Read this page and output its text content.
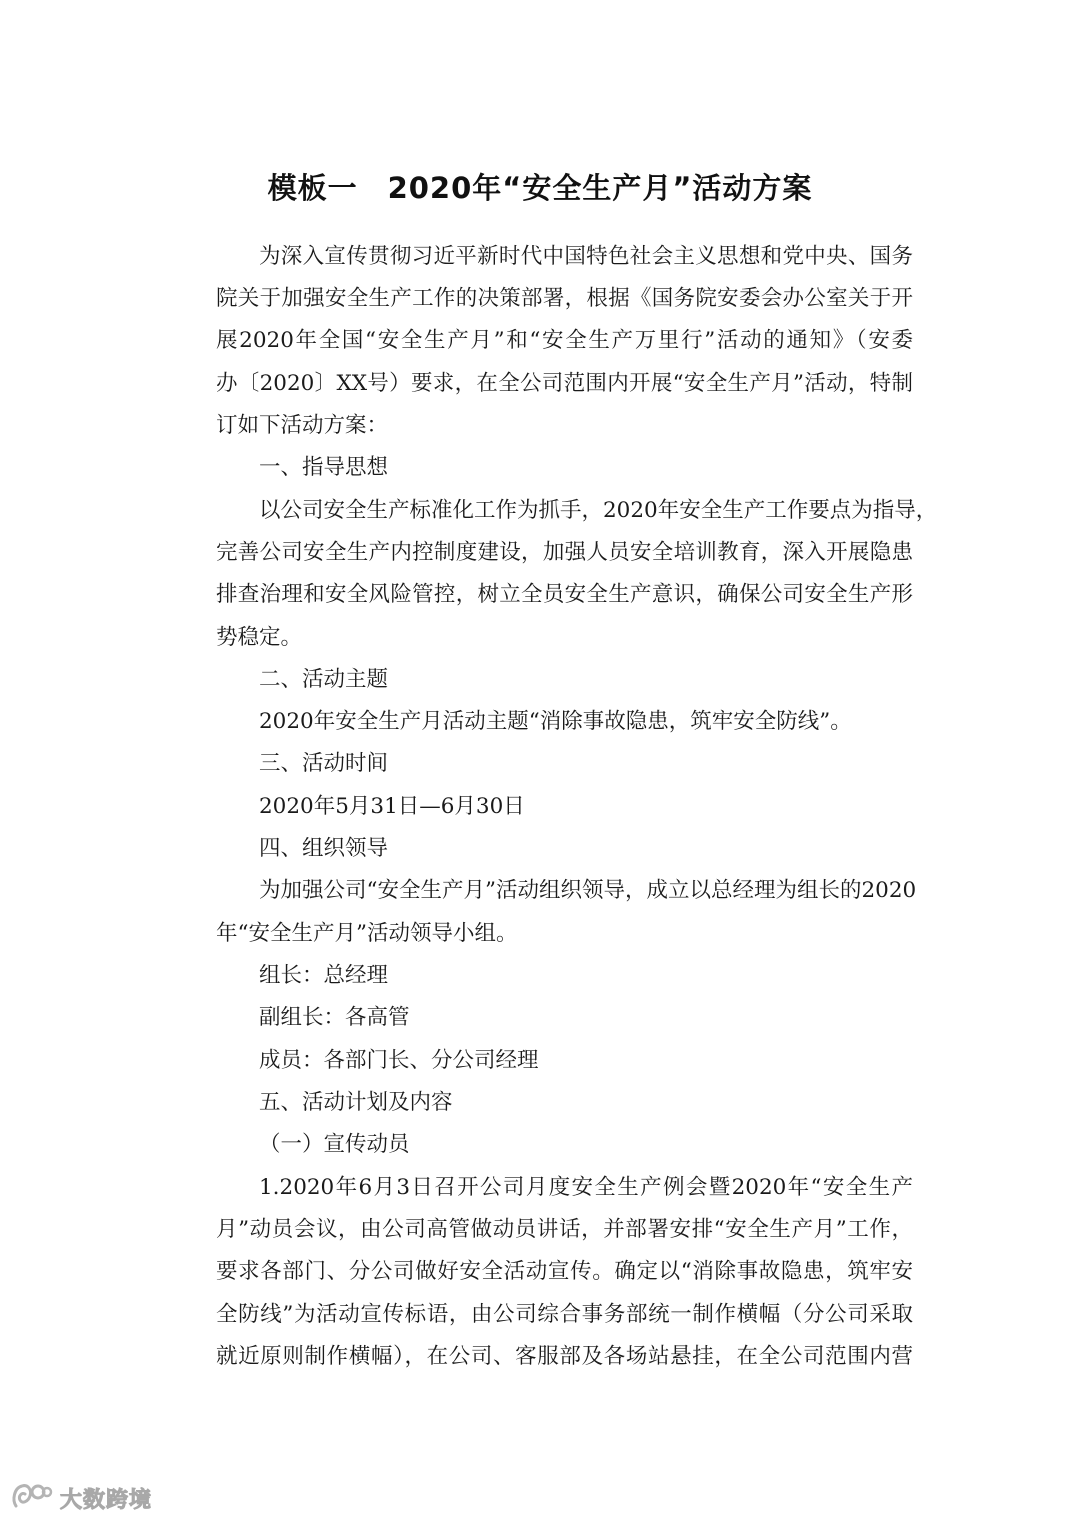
模板一　2020年“安全生产月”活动方案
为深入宣传贯彻习近平新时代中国特色社会主义思想和党中央、国务
院关于加强安全生产工作的决策部署，根据《国务院安委会办公室关于开
展2020年全国“安全生产月”和“安全生产万里行”活动的通知》（安委
办〔2020〕XX号）要求，在全公司范围内开展“安全生产月”活动，特制
订如下活动方案：
一、指导思想
以公司安全生产标准化工作为抓手，2020年安全生产工作要点为指导，
完善公司安全生产内控制度建设，加强人员安全培训教育，深入开展隐患
排查治理和安全风险管控，树立全员安全生产意识，确保公司安全生产形
势稳定。
二、活动主题
2020年安全生产月活动主题“消除事故隐患，筑牢安全防线”。
三、活动时间
2020年5月31日—6月30日
四、组织领导
为加强公司“安全生产月”活动组织领导，成立以总经理为组长的2020
年“安全生产月”活动领导小组。
组长：总经理
副组长：各高管
成员：各部门长、分公司经理
五、活动计划及内容
（一）宣传动员
1.2020年6月3日召开公司月度安全生产例会暨2020年“安全生产
月”动员会议，由公司高管做动员讲话，并部署安排“安全生产月”工作，
要求各部门、分公司做好安全活动宣传。确定以“消除事故隐患，筑牢安
全防线”为活动宣传标语，由公司综合事务部统一制作横幅（分公司采取
就近原则制作横幅），在公司、客服部及各场站悬挂，在全公司范围内营
大数跨境
